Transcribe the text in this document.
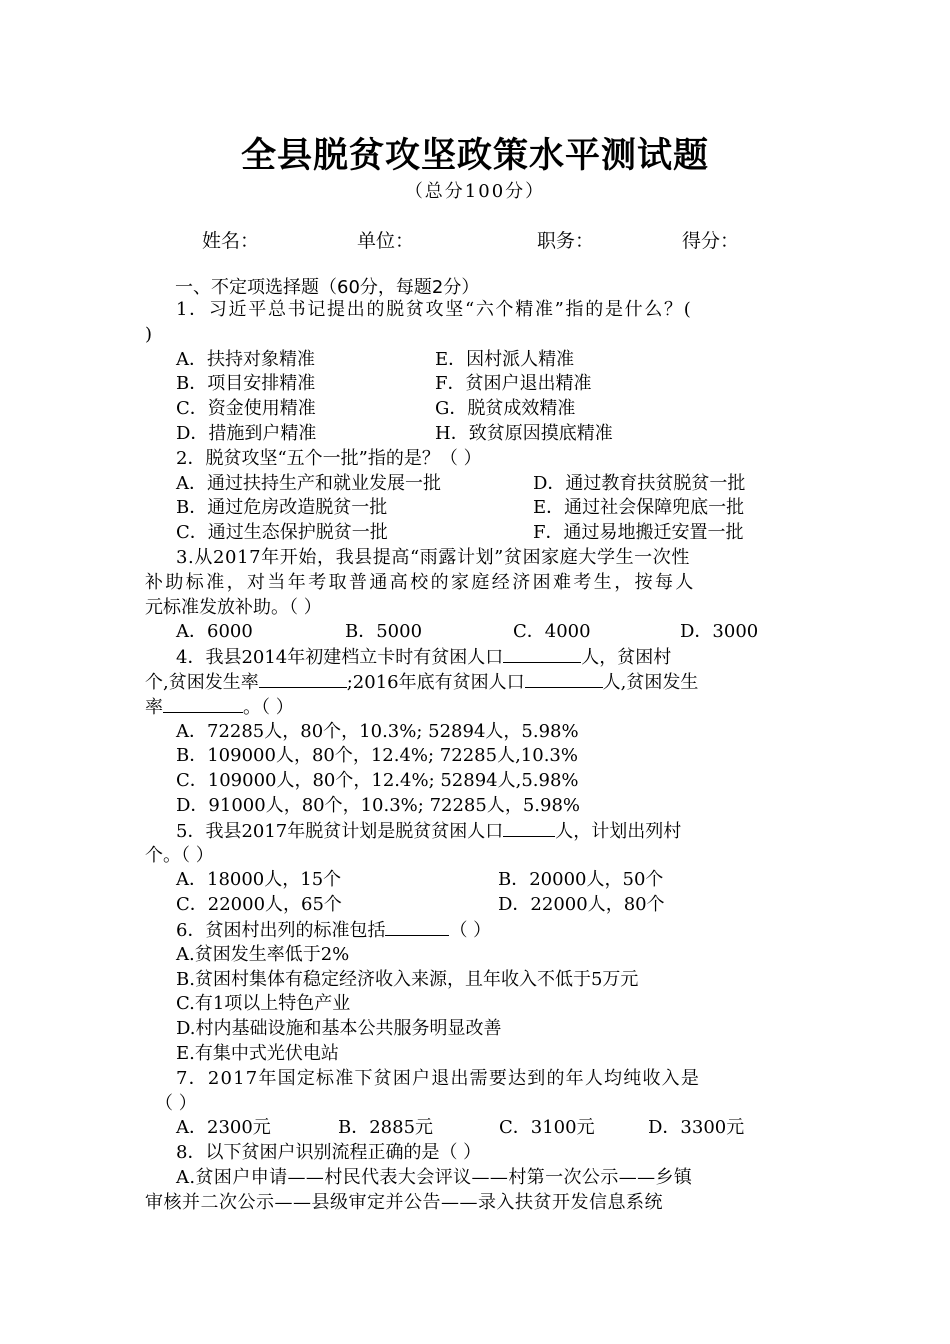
全县脱贫攻坚政策水平测试题
（总分100分）
姓名：	单位：	职务：	得分：
一、不定项选择题（60分，每题2分）
1．习近平总书记提出的脱贫攻坚“六个精准”指的是什么？(
)
A．扶持对象精准	E．因村派人精准
B．项目安排精准	F．贫困户退出精准
C．资金使用精准	G．脱贫成效精准
D．措施到户精准	H．致贫原因摸底精准
2．脱贫攻坚“五个一批”指的是？（ ）
A．通过扶持生产和就业发展一批	D．通过教育扶贫脱贫一批
B．通过危房改造脱贫一批	E．通过社会保障兜底一批
C．通过生态保护脱贫一批	F．通过易地搬迁安置一批
3.从2017年开始，我县提高“雨露计划”贫困家庭大学生一次性
补助标准，对当年考取普通高校的家庭经济困难考生，按每人
元标准发放补助。（ ）
A．6000	B．5000	C．4000	D．3000
4．我县2014年初建档立卡时有贫困人口	人，贫困村
个,贫困发生率	;2016年底有贫困人口	人,贫困发生
率	。（ ）
A．72285人，80个，10.3%; 52894人，5.98%
B．109000人，80个，12.4%; 72285人,10.3%
C．109000人，80个，12.4%; 52894人,5.98%
D．91000人，80个，10.3%; 72285人，5.98%
5．我县2017年脱贫计划是脱贫贫困人口	人，计划出列村
个。（ ）
A．18000人，15个	B．20000人，50个
C．22000人，65个	D．22000人，80个
6．贫困村出列的标准包括	（ ）
A.贫困发生率低于2%
B.贫困村集体有稳定经济收入来源，且年收入不低于5万元
C.有1项以上特色产业
D.村内基础设施和基本公共服务明显改善
E.有集中式光伏电站
7．2017年国定标准下贫困户退出需要达到的年人均纯收入是
（ ）
A．2300元	B．2885元	C．3100元	D．3300元
8．以下贫困户识别流程正确的是（ ）
A.贫困户申请——村民代表大会评议——村第一次公示——乡镇
审核并二次公示——县级审定并公告——录入扶贫开发信息系统
